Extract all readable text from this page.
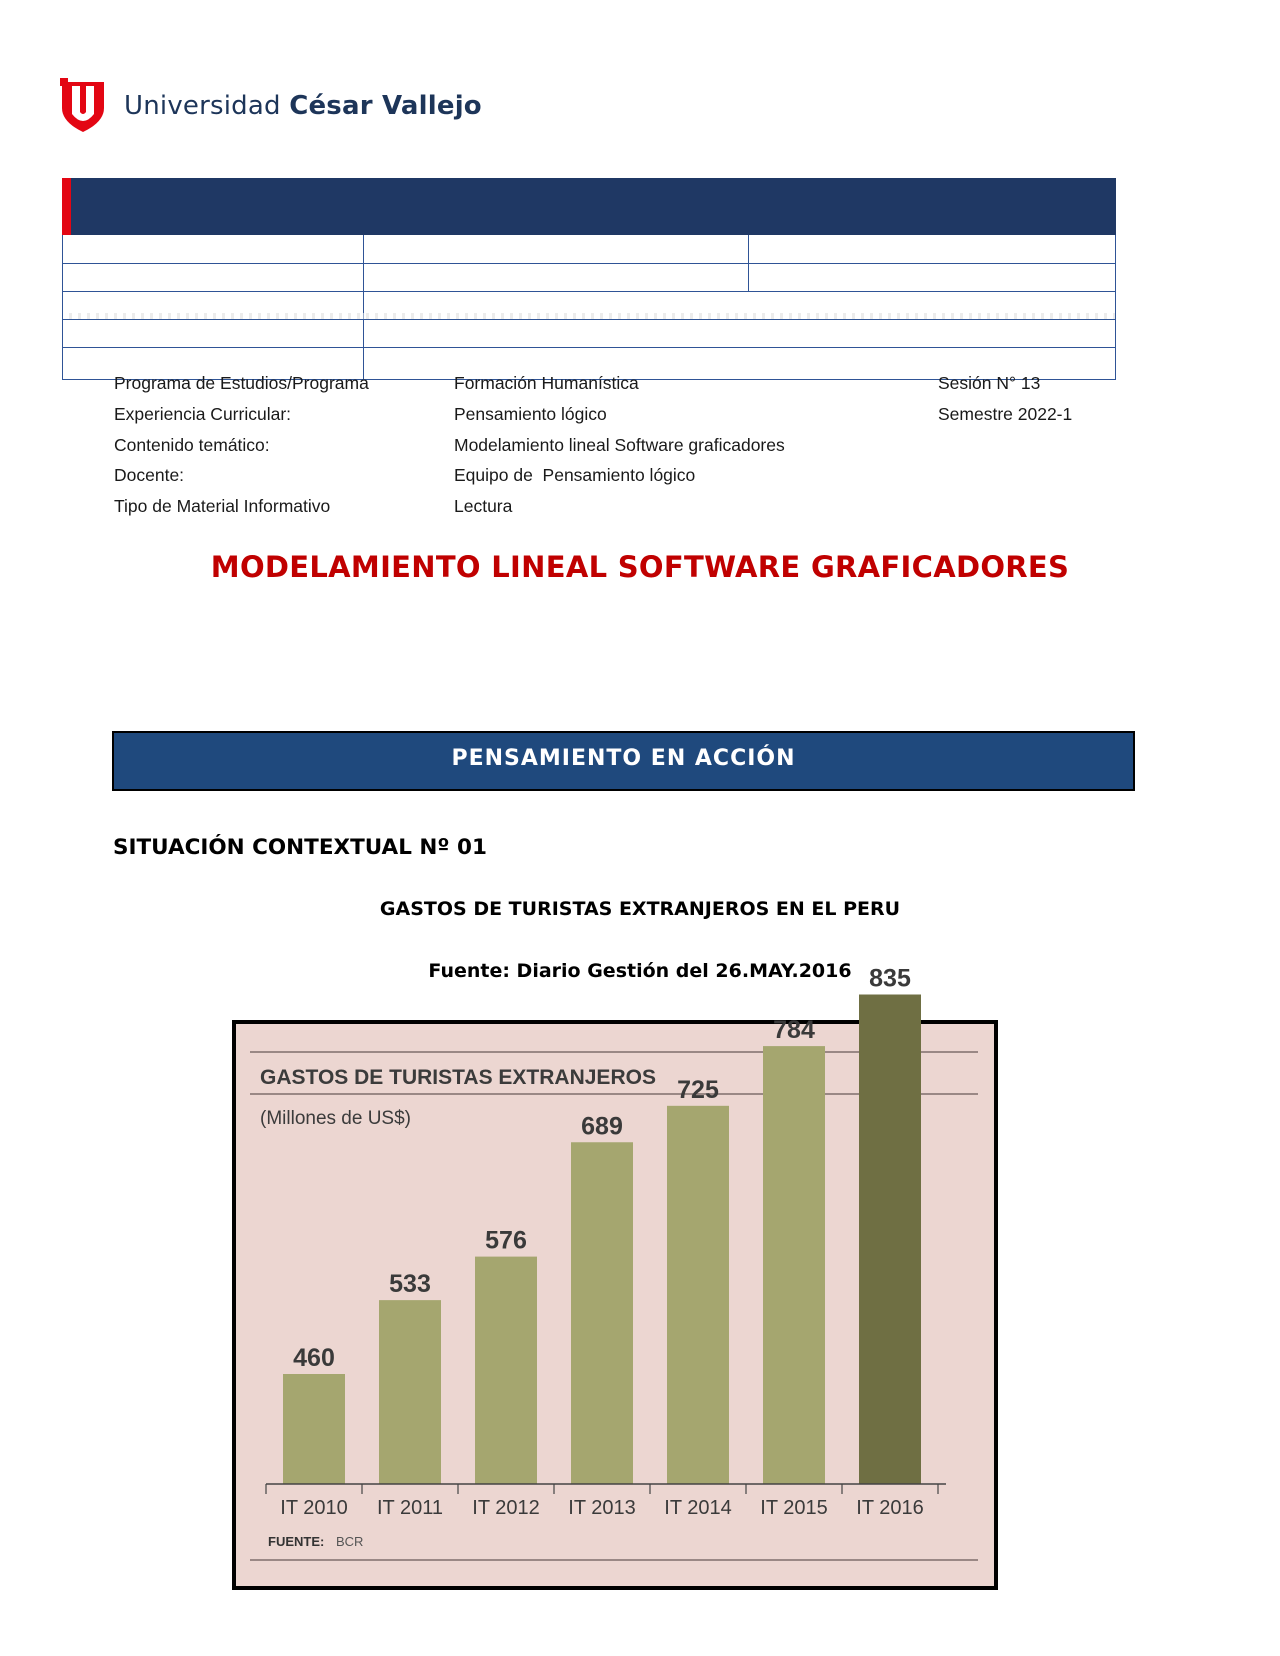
Universidad César Vallejo
Programa de Estudios/Programa	Formación Humanística	Sesión N° 13
Experiencia Curricular:	Pensamiento lógico	Semestre 2022-1
Contenido temático:	Modelamiento lineal Software graficadores
Docente:	Equipo de  Pensamiento lógico
Tipo de Material Informativo	Lectura
MODELAMIENTO LINEAL SOFTWARE GRAFICADORES
PENSAMIENTO EN ACCIÓN
SITUACIÓN CONTEXTUAL Nº 01
GASTOS DE TURISTAS EXTRANJEROS EN EL PERU
Fuente: Diario Gestión del 26.MAY.2016
GASTOS DE TURISTAS EXTRANJEROS
(Millones de US$)
460
533
576
689
725
784
835
IT 2010 IT 2011 IT 2012 IT 2013 IT 2014 IT 2015 IT 2016
FUENTE: BCR
